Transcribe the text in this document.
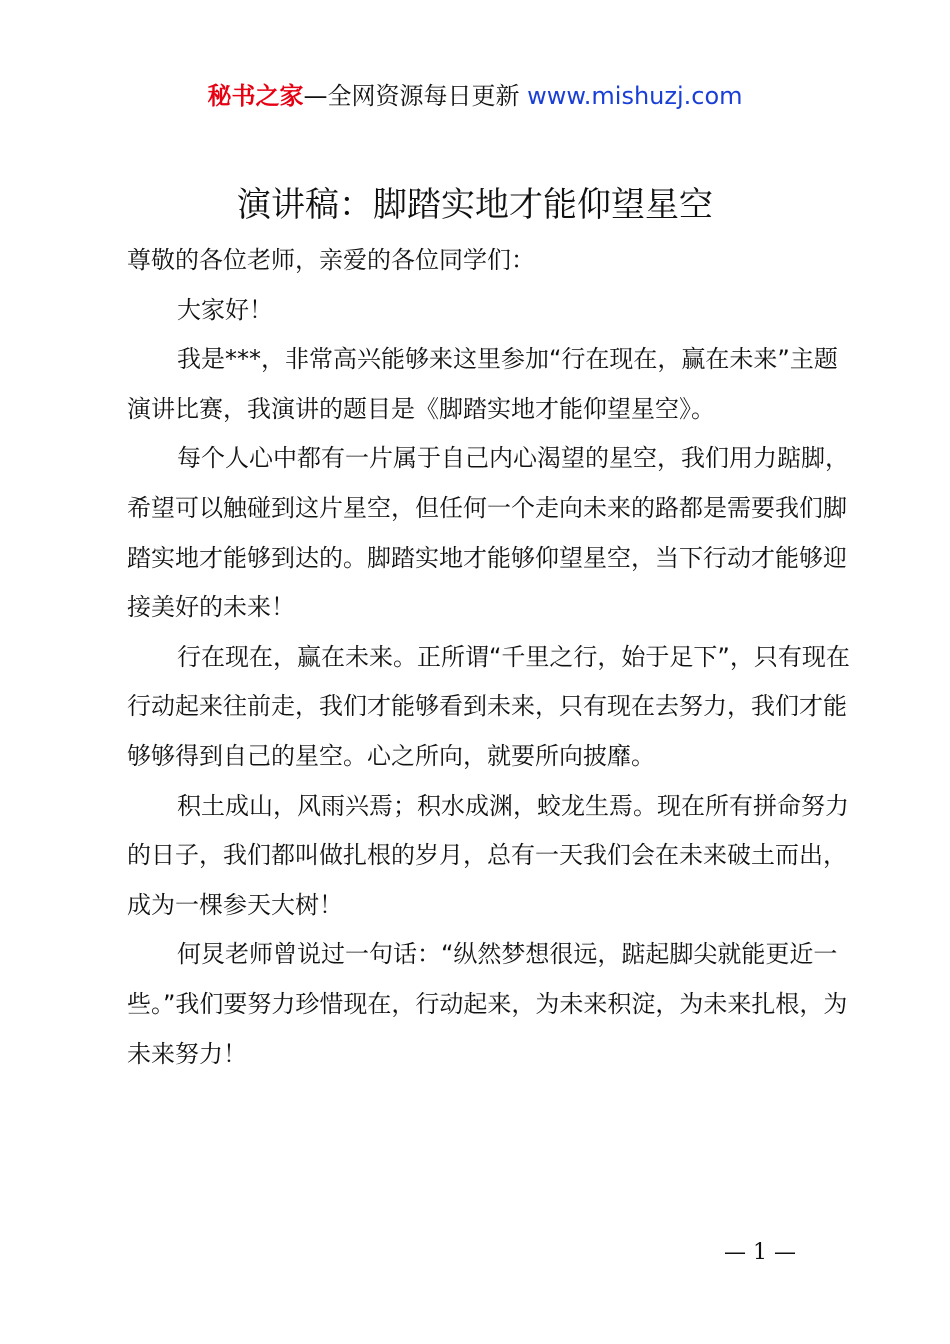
秘书之家—全网资源每日更新 www.mishuzj.com
演讲稿：脚踏实地才能仰望星空

尊敬的各位老师，亲爱的各位同学们：

大家好！

我是***，非常高兴能够来这里参加“行在现在，赢在未来”主题演讲比赛，我演讲的题目是《脚踏实地才能仰望星空》。

每个人心中都有一片属于自己内心渴望的星空，我们用力踮脚，希望可以触碰到这片星空，但任何一个走向未来的路都是需要我们脚踏实地才能够到达的。脚踏实地才能够仰望星空，当下行动才能够迎接美好的未来！

行在现在，赢在未来。正所谓“千里之行，始于足下”，只有现在行动起来往前走，我们才能够看到未来，只有现在去努力，我们才能够够得到自己的星空。心之所向，就要所向披靡。

积土成山，风雨兴焉；积水成渊，蛟龙生焉。现在所有拼命努力的日子，我们都叫做扎根的岁月，总有一天我们会在未来破土而出，成为一棵参天大树！

何炅老师曾说过一句话：“纵然梦想很远，踮起脚尖就能更近一些。”我们要努力珍惜现在，行动起来，为未来积淀，为未来扎根，为未来努力！

— 1 —
